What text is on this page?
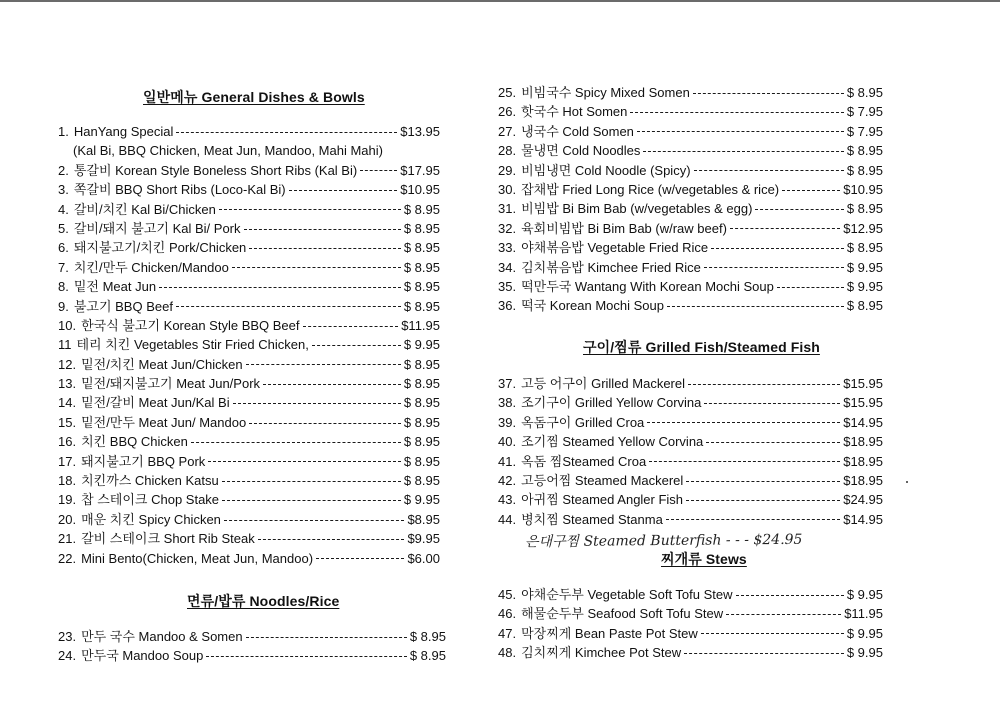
일반메뉴 General Dishes & Bowls
1. HanYang Special	$13.95
(Kal Bi, BBQ Chicken, Meat Jun, Mandoo, Mahi Mahi)
2. 통갈비 Korean Style Boneless Short Ribs (Kal Bi)	$17.95
3. 쪽갈비 BBQ Short Ribs (Loco-Kal Bi)	$10.95
4. 갈비/치킨 Kal Bi/Chicken	$ 8.95
5. 갈비/돼지 불고기 Kal Bi/ Pork	$ 8.95
6. 돼지불고기/치킨 Pork/Chicken	$ 8.95
7. 치킨/만두 Chicken/Mandoo	$ 8.95
8. 밑전 Meat Jun	$ 8.95
9. 불고기 BBQ Beef	$ 8.95
10. 한국식 불고기 Korean Style BBQ Beef	$11.95
11 테리 치킨 Vegetables Stir Fried Chicken,	$ 9.95
12. 밑전/치킨 Meat Jun/Chicken	$ 8.95
13. 밑전/돼지불고기 Meat Jun/Pork	$ 8.95
14. 밑전/갈비 Meat Jun/Kal Bi	$ 8.95
15. 밑전/만두 Meat Jun/ Mandoo	$ 8.95
16. 치킨 BBQ Chicken	$ 8.95
17. 돼지불고기 BBQ Pork	$ 8.95
18. 치킨까스 Chicken Katsu	$ 8.95
19. 찹 스테이크 Chop Stake	$ 9.95
20. 매운 치킨 Spicy Chicken	$8.95
21. 갈비 스테이크 Short Rib Steak	$9.95
22. Mini Bento(Chicken, Meat Jun, Mandoo)	$6.00
면류/밥류 Noodles/Rice
23. 만두 국수 Mandoo & Somen	$ 8.95
24. 만두국 Mandoo Soup	$ 8.95
25. 비빔국수 Spicy Mixed Somen	$ 8.95
26. 핫국수 Hot Somen	$ 7.95
27. 냉국수 Cold Somen	$ 7.95
28. 물냉면 Cold Noodles	$ 8.95
29. 비빔냉면 Cold Noodle (Spicy)	$ 8.95
30. 잡채밥 Fried Long Rice (w/vegetables & rice)	$10.95
31. 비빔밥 Bi Bim Bab (w/vegetables & egg)	$ 8.95
32. 육회비빔밥 Bi Bim Bab (w/raw beef)	$12.95
33. 야채볶음밥 Vegetable Fried Rice	$ 8.95
34. 김치볶음밥 Kimchee Fried Rice	$ 9.95
35. 떡만두국 Wantang With Korean Mochi Soup	$ 9.95
36. 떡국 Korean Mochi Soup	$ 8.95
구이/찜류 Grilled Fish/Steamed Fish
37. 고등 어구이 Grilled Mackerel	$15.95
38. 조기구이 Grilled Yellow Corvina	$15.95
39. 옥돔구이 Grilled Croa	$14.95
40. 조기찜 Steamed Yellow Corvina	$18.95
41. 옥돔 찜Steamed Croa	$18.95
42. 고등어찜 Steamed Mackerel	$18.95
43. 아귀찜 Steamed Angler Fish	$24.95
44. 병치찜 Steamed Stanma	$14.95
은대구찜 Steamed Butterfish - - - $24.95
찌개류 Stews
45. 야채순두부 Vegetable Soft Tofu Stew	$ 9.95
46. 해물순두부 Seafood Soft Tofu Stew	$11.95
47. 막장찌게 Bean Paste Pot Stew	$ 9.95
48. 김치찌게 Kimchee Pot Stew	$ 9.95
